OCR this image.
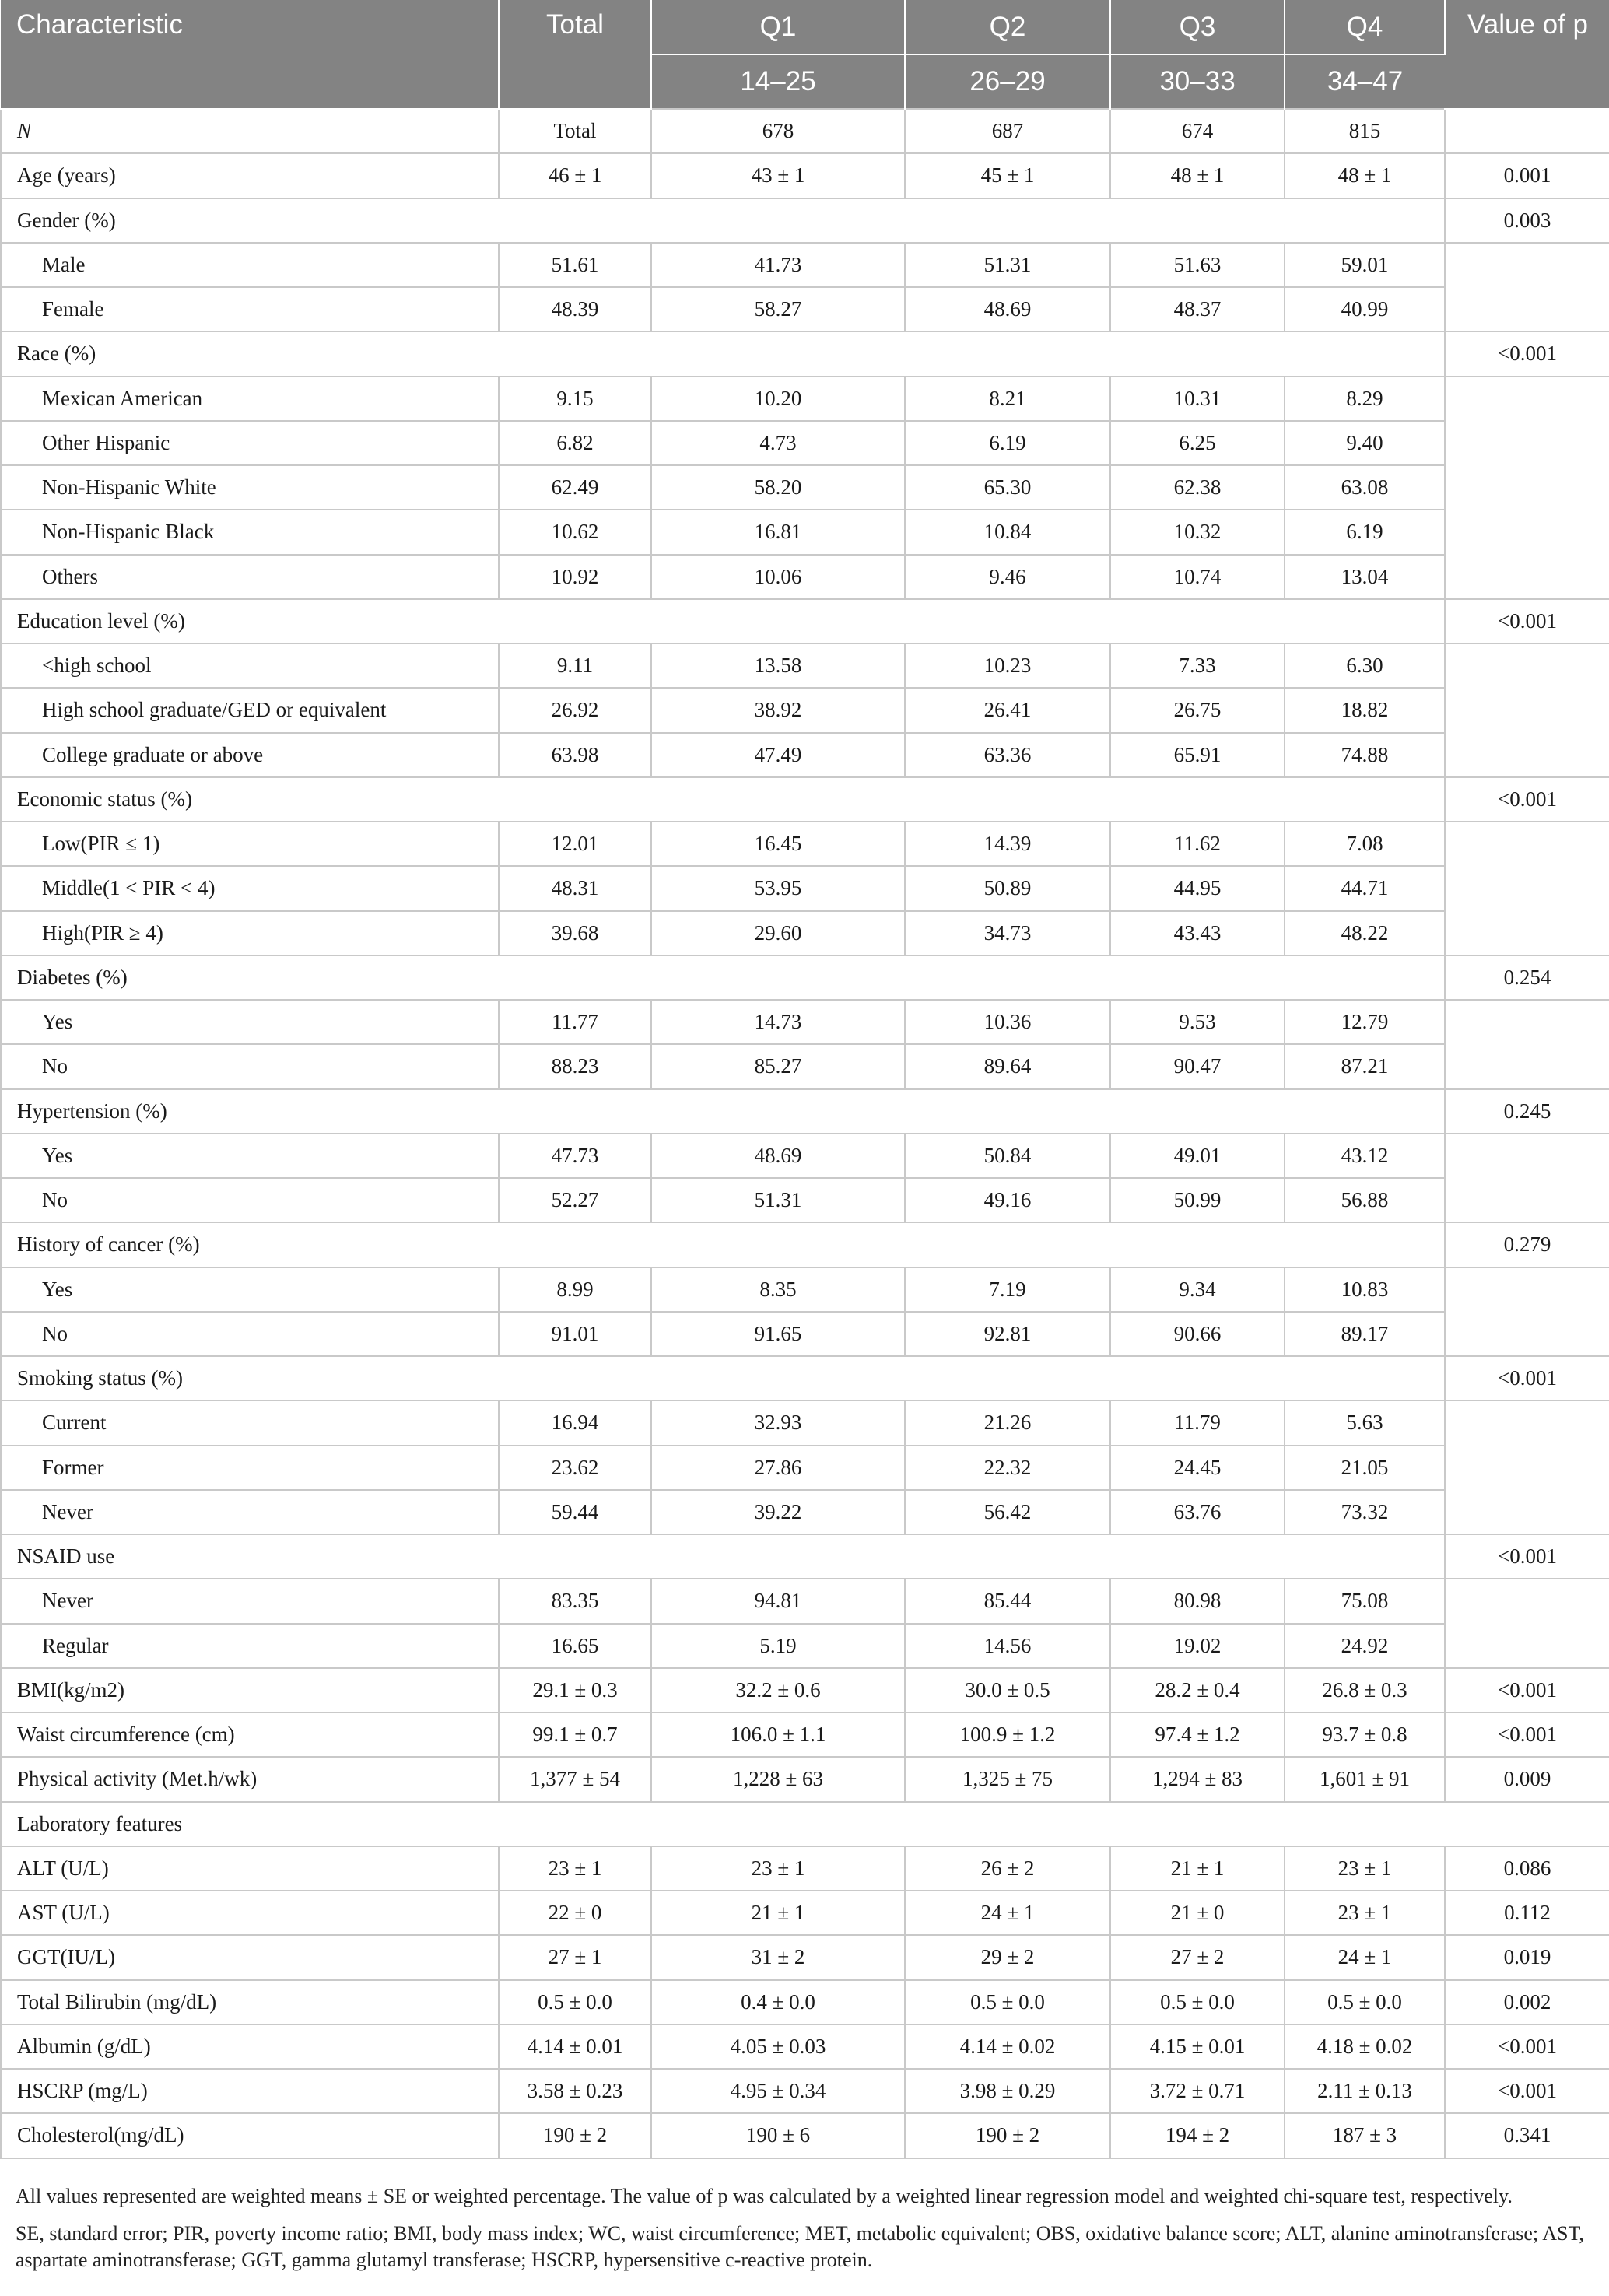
Characteristic	Total	Q1	Q2	Q3	Q4	Value of p
		14–25	26–29	30–33	34–47	
N	Total	678	687	674	815	
Age (years)	46 ± 1	43 ± 1	45 ± 1	48 ± 1	48 ± 1	0.001
Gender (%)						0.003
Male	51.61	41.73	51.31	51.63	59.01	
Female	48.39	58.27	48.69	48.37	40.99	
Race (%)						<0.001
Mexican American	9.15	10.20	8.21	10.31	8.29	
Other Hispanic	6.82	4.73	6.19	6.25	9.40	
Non-Hispanic White	62.49	58.20	65.30	62.38	63.08	
Non-Hispanic Black	10.62	16.81	10.84	10.32	6.19	
Others	10.92	10.06	9.46	10.74	13.04	
Education level (%)						<0.001
<high school	9.11	13.58	10.23	7.33	6.30	
High school graduate/GED or equivalent	26.92	38.92	26.41	26.75	18.82	
College graduate or above	63.98	47.49	63.36	65.91	74.88	
Economic status (%)						<0.001
Low(PIR ≤ 1)	12.01	16.45	14.39	11.62	7.08	
Middle(1 < PIR < 4)	48.31	53.95	50.89	44.95	44.71	
High(PIR ≥ 4)	39.68	29.60	34.73	43.43	48.22	
Diabetes (%)						0.254
Yes	11.77	14.73	10.36	9.53	12.79	
No	88.23	85.27	89.64	90.47	87.21	
Hypertension (%)						0.245
Yes	47.73	48.69	50.84	49.01	43.12	
No	52.27	51.31	49.16	50.99	56.88	
History of cancer (%)						0.279
Yes	8.99	8.35	7.19	9.34	10.83	
No	91.01	91.65	92.81	90.66	89.17	
Smoking status (%)						<0.001
Current	16.94	32.93	21.26	11.79	5.63	
Former	23.62	27.86	22.32	24.45	21.05	
Never	59.44	39.22	56.42	63.76	73.32	
NSAID use						<0.001
Never	83.35	94.81	85.44	80.98	75.08	
Regular	16.65	5.19	14.56	19.02	24.92	
BMI(kg/m2)	29.1 ± 0.3	32.2 ± 0.6	30.0 ± 0.5	28.2 ± 0.4	26.8 ± 0.3	<0.001
Waist circumference (cm)	99.1 ± 0.7	106.0 ± 1.1	100.9 ± 1.2	97.4 ± 1.2	93.7 ± 0.8	<0.001
Physical activity (Met.h/wk)	1,377 ± 54	1,228 ± 63	1,325 ± 75	1,294 ± 83	1,601 ± 91	0.009
Laboratory features						
ALT (U/L)	23 ± 1	23 ± 1	26 ± 2	21 ± 1	23 ± 1	0.086
AST (U/L)	22 ± 0	21 ± 1	24 ± 1	21 ± 0	23 ± 1	0.112
GGT(IU/L)	27 ± 1	31 ± 2	29 ± 2	27 ± 2	24 ± 1	0.019
Total Bilirubin (mg/dL)	0.5 ± 0.0	0.4 ± 0.0	0.5 ± 0.0	0.5 ± 0.0	0.5 ± 0.0	0.002
Albumin (g/dL)	4.14 ± 0.01	4.05 ± 0.03	4.14 ± 0.02	4.15 ± 0.01	4.18 ± 0.02	<0.001
HSCRP (mg/L)	3.58 ± 0.23	4.95 ± 0.34	3.98 ± 0.29	3.72 ± 0.71	2.11 ± 0.13	<0.001
Cholesterol(mg/dL)	190 ± 2	190 ± 6	190 ± 2	194 ± 2	187 ± 3	0.341
All values represented are weighted means ± SE or weighted percentage. The value of p was calculated by a weighted linear regression model and weighted chi-square test, respectively.
SE, standard error; PIR, poverty income ratio; BMI, body mass index; WC, waist circumference; MET, metabolic equivalent; OBS, oxidative balance score; ALT, alanine aminotransferase; AST, aspartate aminotransferase; GGT, gamma glutamyl transferase; HSCRP, hypersensitive c-reactive protein.
